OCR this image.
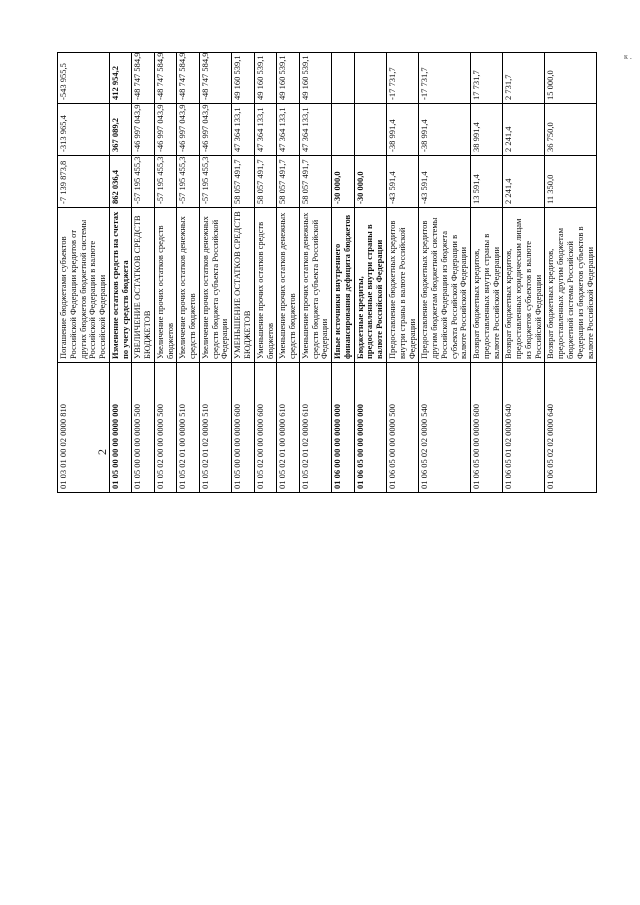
2
к .
01 03 01 00 02 0000 810	Погашение бюджетами субъектов Российской Федерации кредитов от других бюджетов бюджетной системы Российской Федерации в валюте Российской Федерации	-7 139 873,8	-313 965,4	-543 955,5
01 05 00 00 00 0000 000	Изменение остатков средств на счетах по учету средств бюджета	862 036,4	367 089,2	412 954,2
01 05 00 00 00 0000 500	УВЕЛИЧЕНИЕ ОСТАТКОВ СРЕДСТВ БЮДЖЕТОВ	-57 195 455,3	-46 997 043,9	-48 747 584,9
01 05 02 00 00 0000 500	Увеличение прочих остатков средств бюджетов	-57 195 455,3	-46 997 043,9	-48 747 584,9
01 05 02 01 00 0000 510	Увеличение прочих остатков денежных средств бюджетов	-57 195 455,3	-46 997 043,9	-48 747 584,9
01 05 02 01 02 0000 510	Увеличение прочих остатков денежных средств бюджета субъекта Российской Федерации	-57 195 455,3	-46 997 043,9	-48 747 584,9
01 05 00 00 00 0000 600	УМЕНЬШЕНИЕ ОСТАТКОВ СРЕДСТВ БЮДЖЕТОВ	58 057 491,7	47 364 133,1	49 160 539,1
01 05 02 00 00 0000 600	Уменьшение прочих остатков средств бюджетов	58 057 491,7	47 364 133,1	49 160 539,1
01 05 02 01 00 0000 610	Уменьшение прочих остатков денежных средств бюджетов	58 057 491,7	47 364 133,1	49 160 539,1
01 05 02 01 02 0000 610	Уменьшение прочих остатков денежных средств бюджета субъекта Российской Федерации	58 057 491,7	47 364 133,1	49 160 539,1
01 06 00 00 00 0000 000	Иные источники внутреннего финансирования дефицита бюджетов	-30 000,0		
01 06 05 00 00 0000 000	Бюджетные кредиты, предоставленные внутри страны в валюте Российской Федерации	-30 000,0		
01 06 05 00 00 0000 500	Предоставление бюджетных кредитов внутри страны в валюте Российской Федерации	-43 591,4	-38 991,4	-17 731,7
01 06 05 02 02 0000 540	Предоставление бюджетных кредитов другим бюджетам бюджетной системы Российской Федерации из бюджета субъекта Российской Федерации в валюте Российской Федерации	-43 591,4	-38 991,4	-17 731,7
01 06 05 00 00 0000 600	Возврат бюджетных кредитов, предоставленных внутри страны в валюте Российской Федерации	13 591,4	38 991,4	17 731,7
01 06 05 01 02 0000 640	Возврат бюджетных кредитов, предоставленных юридическим лицам из бюджетов субъектов в валюте Российской Федерации	2 241,4	2 241,4	2 731,7
01 06 05 02 02 0000 640	Возврат бюджетных кредитов, предоставленных другим бюджетам бюджетной системы Российской Федерации из бюджетов субъектов в валюте Российской Федерации	11 350,0	36 750,0	15 000,0
